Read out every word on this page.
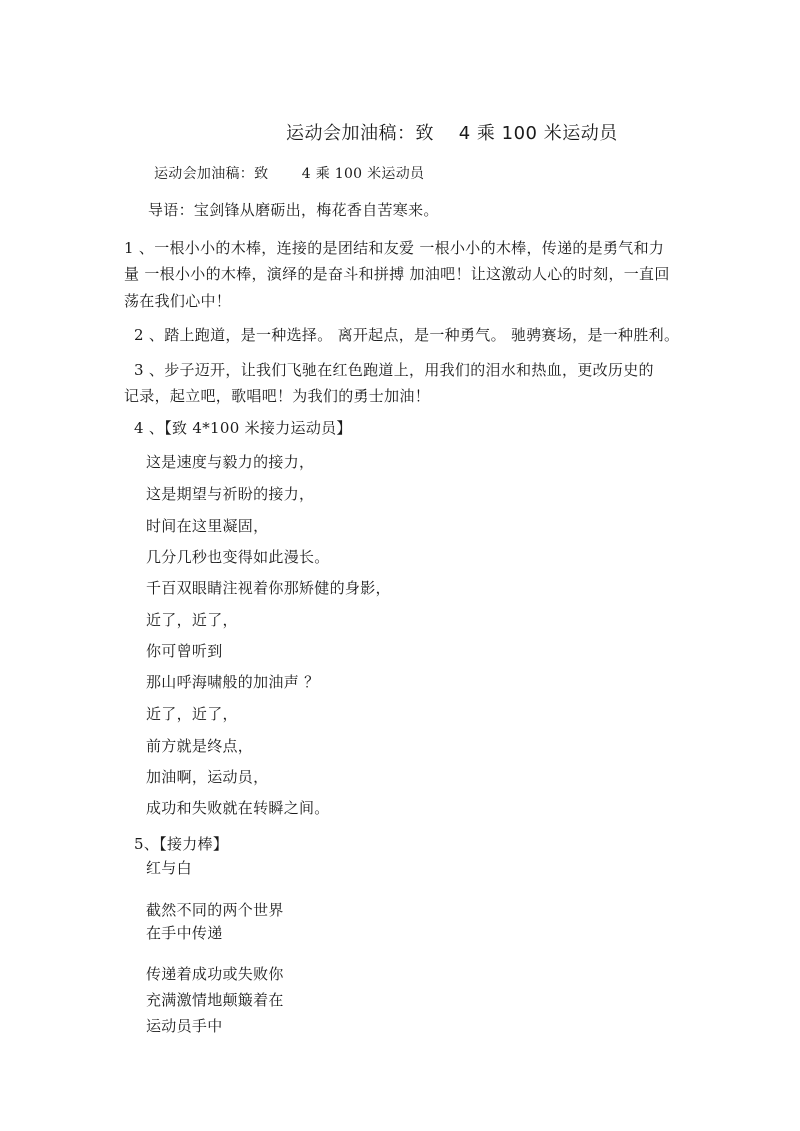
运动会加油稿：致 　4 乘 100 米运动员
运动会加油稿：致 　　4 乘 100 米运动员
导语：宝剑锋从磨砺出，梅花香自苦寒来。
1 、一根小小的木棒，连接的是团结和友爱 一根小小的木棒，传递的是勇气和力
量 一根小小的木棒，演绎的是奋斗和拼搏 加油吧！让这激动人心的时刻，一直回
荡在我们心中！
2 、踏上跑道，是一种选择。 离开起点，是一种勇气。 驰骋赛场，是一种胜利。
3 、步子迈开，让我们飞驰在红色跑道上，用我们的泪水和热血，更改历史的
记录，起立吧，歌唱吧！为我们的勇士加油！
4 、【致 4*100 米接力运动员】
这是速度与毅力的接力，
这是期望与祈盼的接力，
时间在这里凝固，
几分几秒也变得如此漫长。
千百双眼睛注视着你那矫健的身影，
近了，近了，
你可曾听到
那山呼海啸般的加油声 ？
近了，近了，
前方就是终点，
加油啊，运动员，
成功和失败就在转瞬之间。
5、【接力棒】
红与白
截然不同的两个世界
在手中传递
传递着成功或失败你
充满激情地颠簸着在
运动员手中
